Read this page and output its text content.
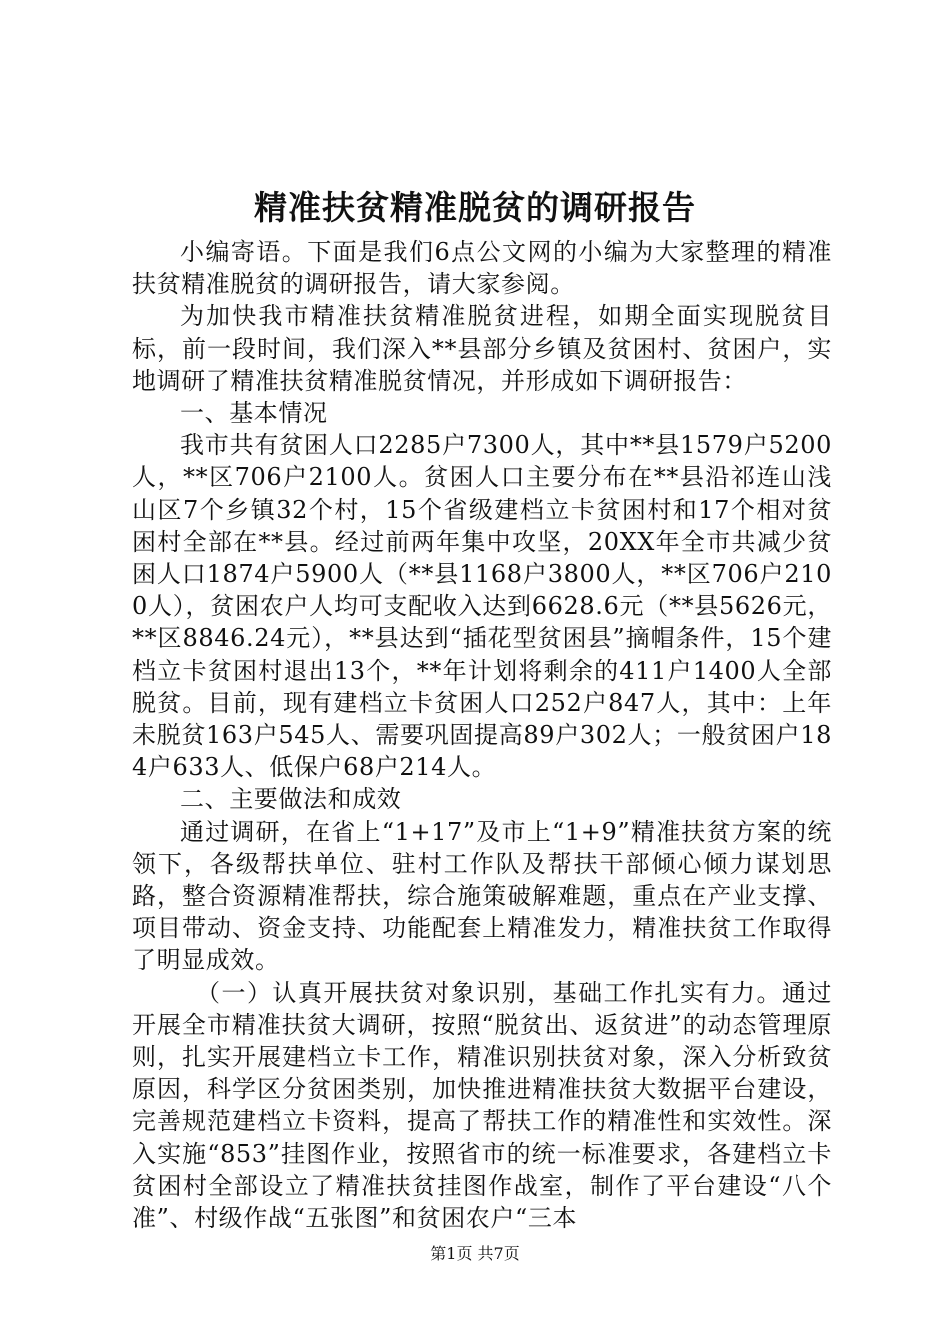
精准扶贫精准脱贫的调研报告

小编寄语。下面是我们6点公文网的小编为大家整理的精准扶贫精准脱贫的调研报告，请大家参阅。

为加快我市精准扶贫精准脱贫进程，如期全面实现脱贫目标，前一段时间，我们深入**县部分乡镇及贫困村、贫困户，实地调研了精准扶贫精准脱贫情况，并形成如下调研报告：

一、基本情况

我市共有贫困人口2285户7300人，其中**县1579户5200人，**区706户2100人。贫困人口主要分布在**县沿祁连山浅山区7个乡镇32个村，15个省级建档立卡贫困村和17个相对贫困村全部在**县。经过前两年集中攻坚，20XX年全市共减少贫困人口1874户5900人（**县1168户3800人，**区706户2100人），贫困农户人均可支配收入达到6628.6元（**县5626元，**区8846.24元），**县达到“插花型贫困县”摘帽条件，15个建档立卡贫困村退出13个，**年计划将剩余的411户1400人全部脱贫。目前，现有建档立卡贫困人口252户847人，其中：上年未脱贫163户545人、需要巩固提高89户302人；一般贫困户184户633人、低保户68户214人。

二、主要做法和成效

通过调研，在省上“1+17”及市上“1+9”精准扶贫方案的统领下，各级帮扶单位、驻村工作队及帮扶干部倾心倾力谋划思路，整合资源精准帮扶，综合施策破解难题，重点在产业支撑、项目带动、资金支持、功能配套上精准发力，精准扶贫工作取得了明显成效。

（一）认真开展扶贫对象识别，基础工作扎实有力。通过开展全市精准扶贫大调研，按照“脱贫出、返贫进”的动态管理原则，扎实开展建档立卡工作，精准识别扶贫对象，深入分析致贫原因，科学区分贫困类别，加快推进精准扶贫大数据平台建设，完善规范建档立卡资料，提高了帮扶工作的精准性和实效性。深入实施“853”挂图作业，按照省市的统一标准要求，各建档立卡贫困村全部设立了精准扶贫挂图作战室，制作了平台建设“八个准”、村级作战“五张图”和贫困农户“三本

第1页 共7页
